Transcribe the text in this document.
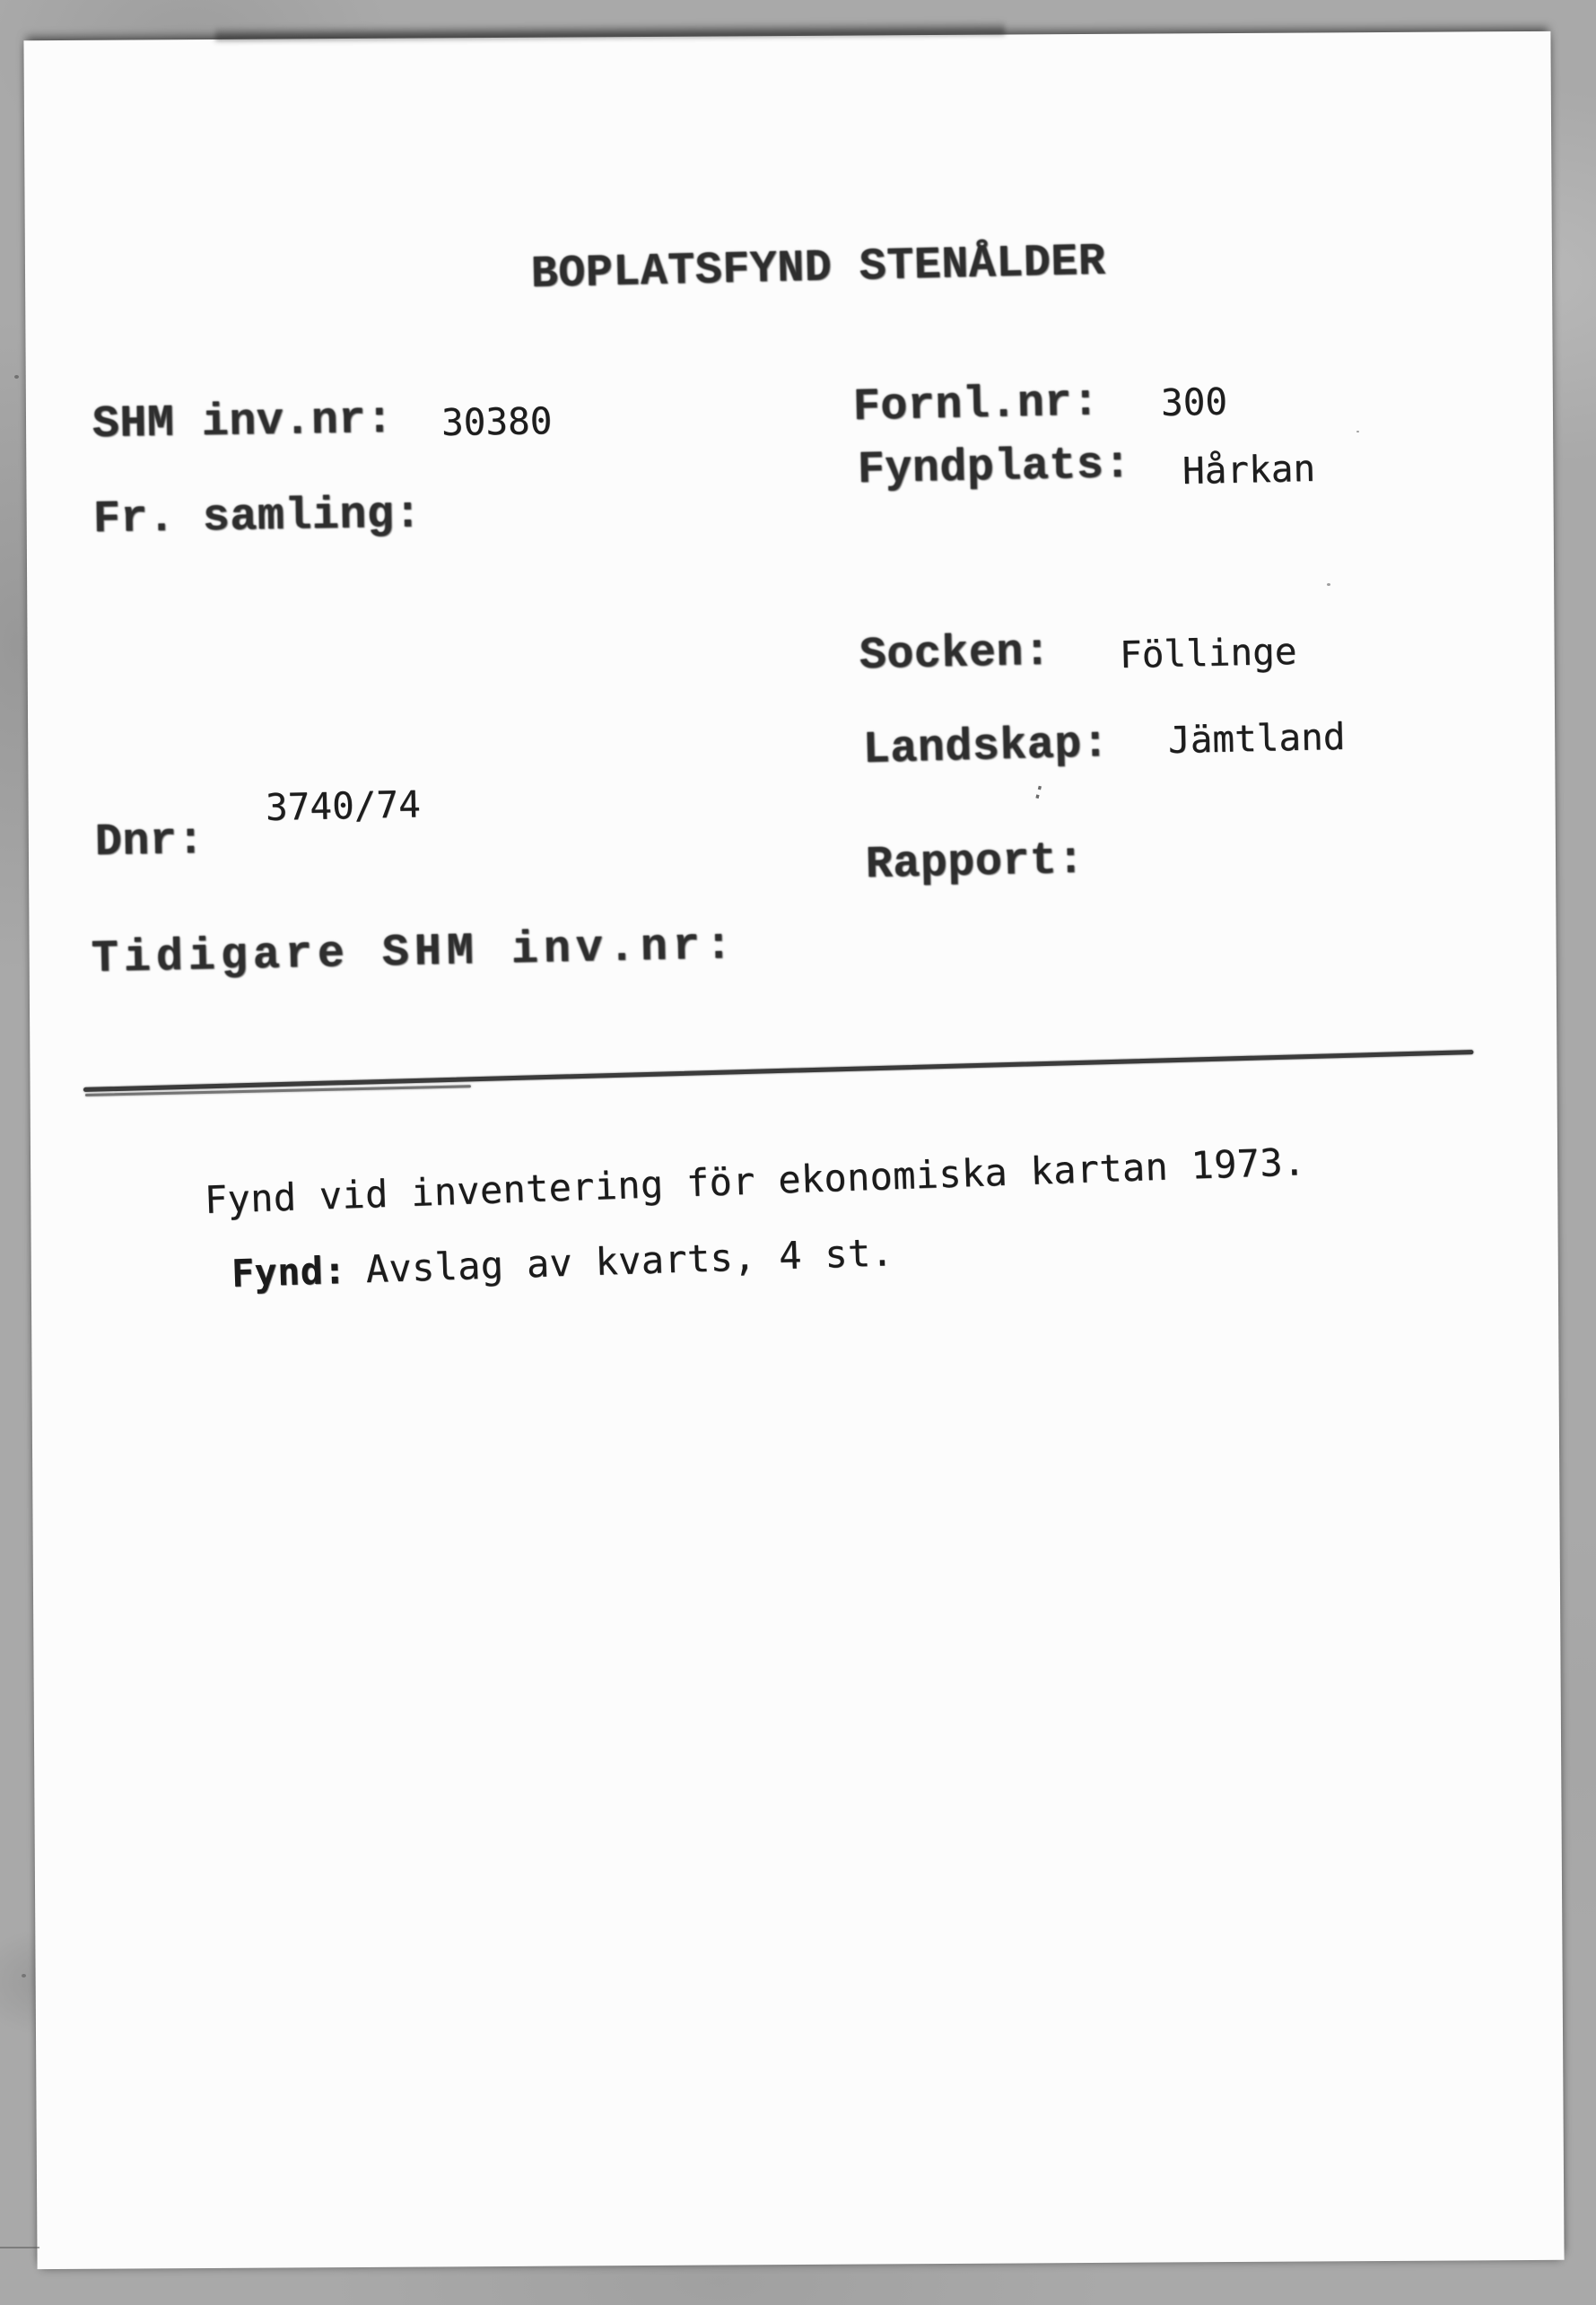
BOPLATSFYND STENÅLDER
SHM inv.nr: 30380
Fr. samling:
Dnr:
3740/74
Tidigare SHM inv.nr:
Fornl.nr: 300
Fyndplats: Hårkan
Socken: Föllinge
Landskap: Jämtland
Rapport:
:
Fynd vid inventering för ekonomiska kartan 1973.
Fynd: Avslag av kvarts, 4 st.
